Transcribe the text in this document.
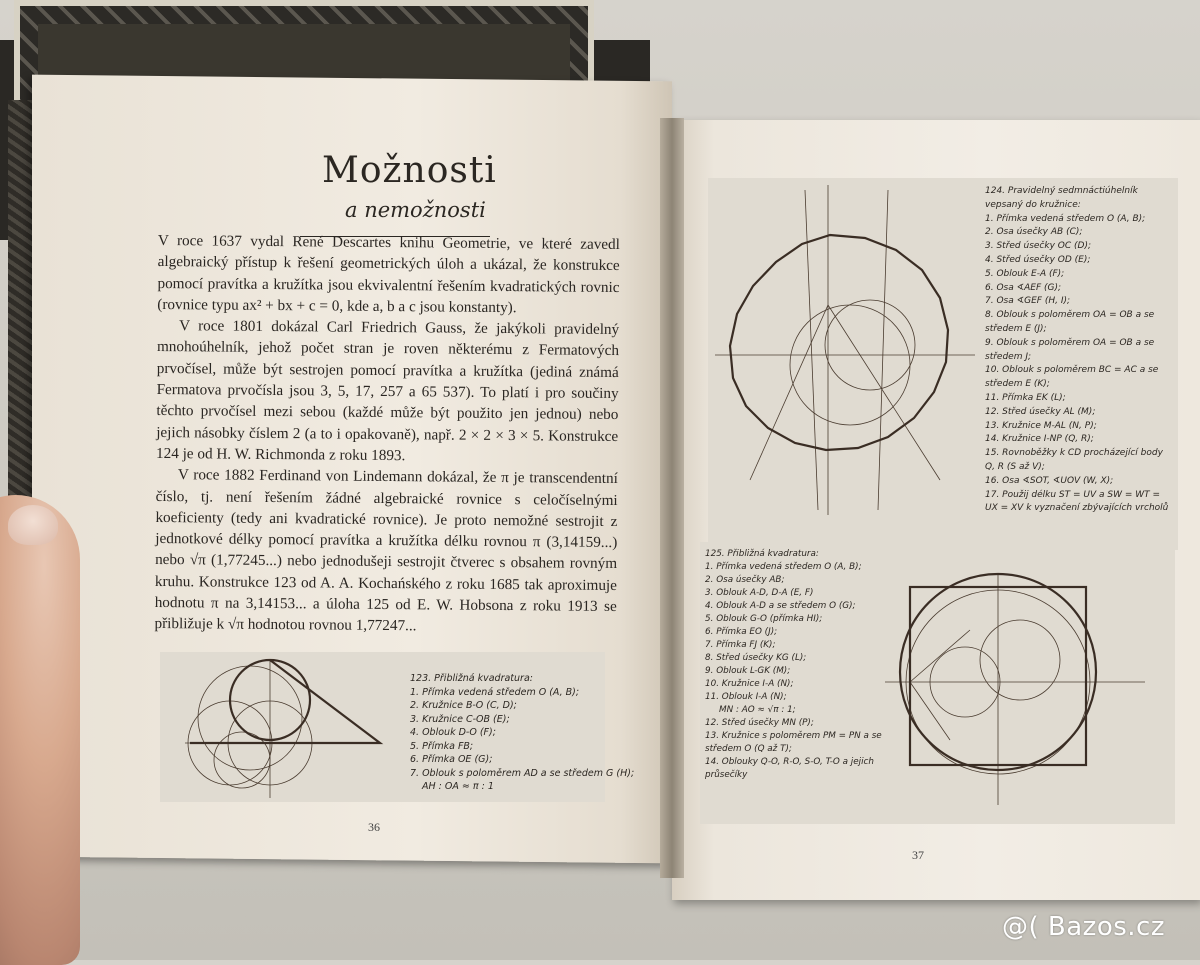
Možnosti
a nemožnosti

V roce 1637 vydal René Descartes knihu Geometrie, ve které zavedl algebraický přístup k řešení geometrických úloh a ukázal, že konstrukce pomocí pravítka a kružítka jsou ekvivalentní řešením kvadratických rovnic (rovnice typu ax² + bx + c = 0, kde a, b a c jsou konstanty).

V roce 1801 dokázal Carl Friedrich Gauss, že jakýkoli pravidelný mnohoúhelník, jehož počet stran je roven některému z Fermatových prvočísel, může být sestrojen pomocí pravítka a kružítka (jediná známá Fermatova prvočísla jsou 3, 5, 17, 257 a 65 537). To platí i pro součiny těchto prvočísel mezi sebou (každé může být použito jen jednou) nebo jejich násobky číslem 2 (a to i opakovaně), např. 2 × 2 × 3 × 5. Konstrukce 124 je od H. W. Richmonda z roku 1893.

V roce 1882 Ferdinand von Lindemann dokázal, že π je transcendentní číslo, tj. není řešením žádné algebraické rovnice s celočíselnými koeficienty (tedy ani kvadratické rovnice). Je proto nemožné sestrojit z jednotkové délky pomocí pravítka a kružítka délku rovnou π (3,14159...) nebo √π (1,77245...) nebo jednodušeji sestrojit čtverec s obsahem rovným kruhu. Konstrukce 123 od A. A. Kochańského z roku 1685 tak aproximuje hodnotu π na 3,14153... a úloha 125 od E. W. Hobsona z roku 1913 se přibližuje k √π hodnotou rovnou 1,77247...

123. Přibližná kvadratura:
1. Přímka vedená středem O (A, B);
2. Kružnice B-O (C, D);
3. Kružnice C-OB (E);
4. Oblouk D-O (F);
5. Přímka FB;
6. Přímka OE (G);
7. Oblouk s poloměrem AD a se středem G (H);
AH : OA ≈ π : 1
36
124. Pravidelný sedmnáctiúhelník vepsaný do kružnice:
1. Přímka vedená středem O (A, B);
2. Osa úsečky AB (C);
3. Střed úsečky OC (D);
4. Střed úsečky OD (E);
5. Oblouk E-A (F);
6. Osa ∢AEF (G);
7. Osa ∢GEF (H, I);
8. Oblouk s poloměrem OA = OB a se středem E (J);
9. Oblouk s poloměrem OA = OB a se středem J;
10. Oblouk s poloměrem BC = AC a se středem E (K);
11. Přímka EK (L);
12. Střed úsečky AL (M);
13. Kružnice M-AL (N, P);
14. Kružnice I-NP (Q, R);
15. Rovnoběžky k CD procházející body Q, R (S až V);
16. Osa ∢SOT, ∢UOV (W, X);
17. Použij délku ST = UV a SW = WT = UX = XV k vyznačení zbývajících vrcholů
125. Přibližná kvadratura:
1. Přímka vedená středem O (A, B);
2. Osa úsečky AB;
3. Oblouk A-D, D-A (E, F)
4. Oblouk A-D a se středem O (G);
5. Oblouk G-O (přímka HI);
6. Přímka EO (J);
7. Přímka FJ (K);
8. Střed úsečky KG (L);
9. Oblouk L-GK (M);
10. Kružnice I-A (N);
11. Oblouk I-A (N);
MN : AO ≈ √π : 1;
12. Střed úsečky MN (P);
13. Kružnice s poloměrem PM = PN a se středem O (Q až T);
14. Oblouky Q-O, R-O, S-O, T-O a jejich průsečíky
37
@( Bazos.cz
